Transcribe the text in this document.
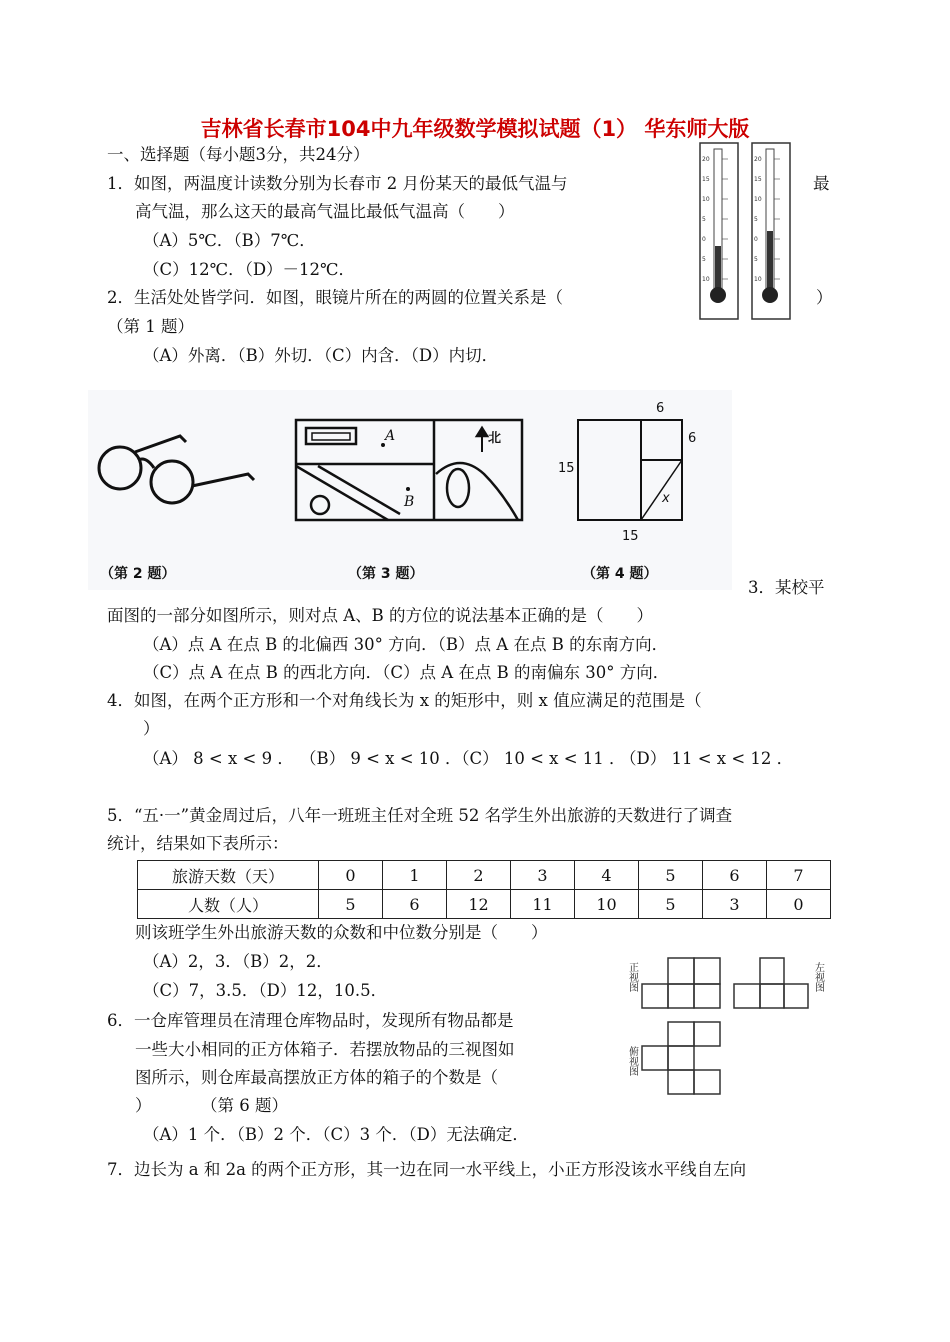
吉林省长春市104中九年级数学模拟试题（1） 华东师大版
一、选择题（每小题3分，共24分）
1．如图，两温度计读数分别为长春市 2 月份某天的最低气温与	最
高气温，那么这天的最高气温比最低气温高（　　）
（A）5℃．（B）7℃．
（C）12℃．（D）－12℃．
20
15
10
5
0
5
10
20
15
10
5
0
5
10
2．生活处处皆学问．如图，眼镜片所在的两圆的位置关系是（	）
（第 1 题）
（A）外离．（B）外切．（C）内含．（D）内切．
A
B
北
6
6
15
15
x
（第 2 题）	（第 3 题）	（第 4 题）
3．某校平
面图的一部分如图所示，则对点 A、B 的方位的说法基本正确的是（　　）
（A）点 A 在点 B 的北偏西 30° 方向．（B）点 A 在点 B 的东南方向．
（C）点 A 在点 B 的西北方向．（C）点 A 在点 B 的南偏东 30° 方向．
4．如图，在两个正方形和一个对角线长为 x 的矩形中，则 x 值应满足的范围是（
）
（A） 8 < x < 9 ． （B） 9 < x < 10 ．
（C） 10 < x < 11 ．
（D） 11 < x < 12 ．
5．“五·一”黄金周过后，八年一班班主任对全班 52 名学生外出旅游的天数进行了调查
统计，结果如下表所示：
旅游天数（天）	0	1	2	3	4	5	6	7
人数（人）	5	6	12	11	10	5	3	0
则该班学生外出旅游天数的众数和中位数分别是（　　）
（A）2，3．（B）2，2．
（C）7，3.5．（D）12，10.5．	正视图	左视图
俯视图
6．一仓库管理员在清理仓库物品时，发现所有物品都是
一些大小相同的正方体箱子．若摆放物品的三视图如
图所示，则仓库最高摆放正方体的箱子的个数是（
）　　　　（第 6 题）
（A）1 个．（B）2 个．（C）3 个．（D）无法确定．
7．边长为 a 和 2a 的两个正方形，其一边在同一水平线上，小正方形没该水平线自左向
